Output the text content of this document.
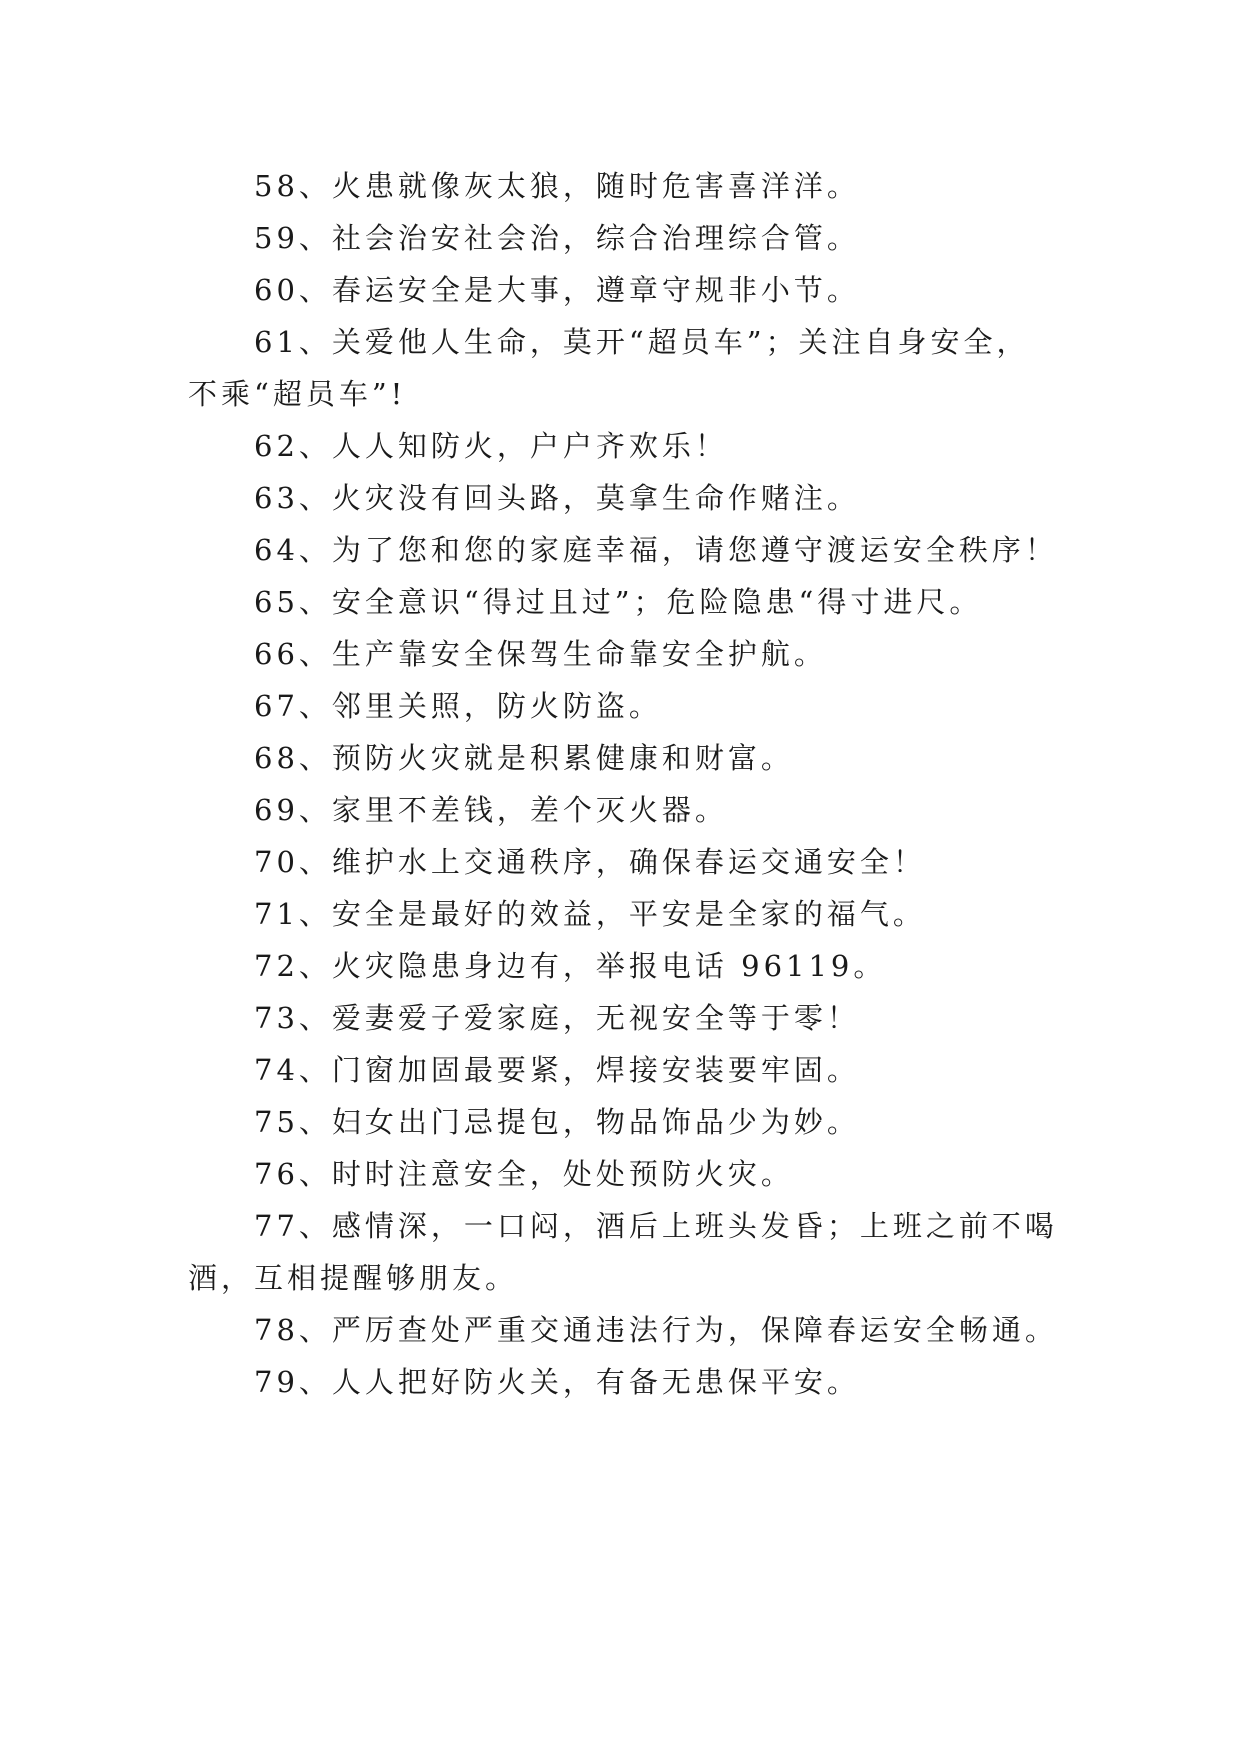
58、火患就像灰太狼，随时危害喜洋洋。

59、社会治安社会治，综合治理综合管。

60、春运安全是大事，遵章守规非小节。

61、关爱他人生命，莫开“超员车”；关注自身安全，

不乘“超员车”!

62、人人知防火，户户齐欢乐！

63、火灾没有回头路，莫拿生命作赌注。

64、为了您和您的家庭幸福，请您遵守渡运安全秩序！

65、安全意识“得过且过”；危险隐患“得寸进尺。

66、生产靠安全保驾生命靠安全护航。

67、邻里关照，防火防盗。

68、预防火灾就是积累健康和财富。

69、家里不差钱，差个灭火器。

70、维护水上交通秩序，确保春运交通安全！

71、安全是最好的效益，平安是全家的福气。

72、火灾隐患身边有，举报电话 96119。

73、爱妻爱子爱家庭，无视安全等于零！

74、门窗加固最要紧，焊接安装要牢固。

75、妇女出门忌提包，物品饰品少为妙。

76、时时注意安全，处处预防火灾。

77、感情深，一口闷，酒后上班头发昏；上班之前不喝

酒，互相提醒够朋友。

78、严厉查处严重交通违法行为，保障春运安全畅通。

79、人人把好防火关，有备无患保平安。
